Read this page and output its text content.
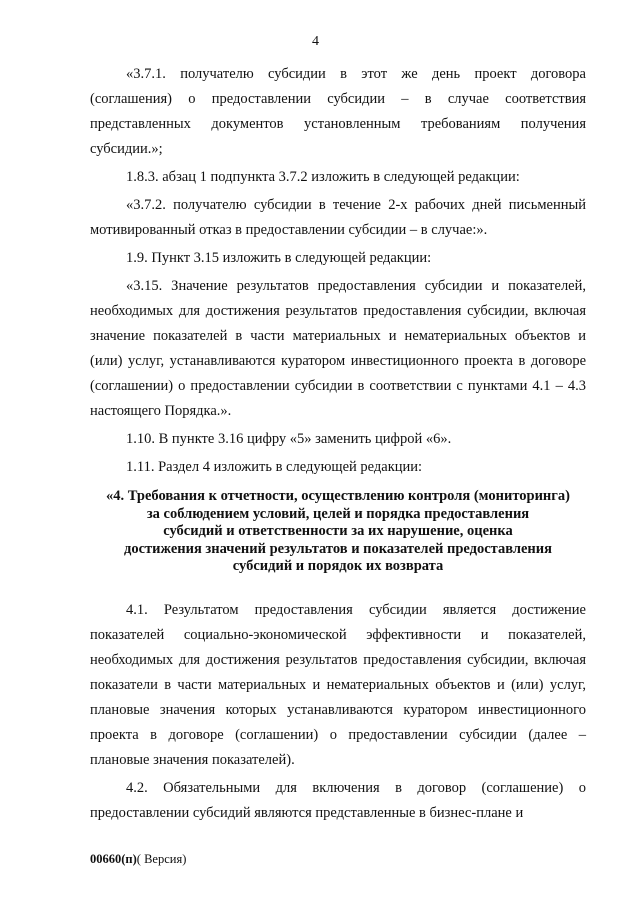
4

«3.7.1. получателю субсидии в этот же день проект договора (соглашения) о предоставлении субсидии – в случае соответствия представленных документов установленным требованиям получения субсидии.»;

1.8.3. абзац 1 подпункта 3.7.2 изложить в следующей редакции:

«3.7.2. получателю субсидии в течение 2-х рабочих дней письменный мотивированный отказ в предоставлении субсидии – в случае:».

1.9. Пункт 3.15 изложить в следующей редакции:

«3.15. Значение результатов предоставления субсидии и показателей, необходимых для достижения результатов предоставления субсидии, включая значение показателей в части материальных и нематериальных объектов и (или) услуг, устанавливаются куратором инвестиционного проекта в договоре (соглашении) о предоставлении субсидии в соответствии с пунктами 4.1 – 4.3 настоящего Порядка.».

1.10. В пункте 3.16 цифру «5» заменить цифрой «6».

1.11. Раздел 4 изложить в следующей редакции:

«4. Требования к отчетности, осуществлению контроля (мониторинга)
за соблюдением условий, целей и порядка предоставления
субсидий и ответственности за их нарушение, оценка
достижения значений результатов и показателей предоставления
субсидий и порядок их возврата

4.1. Результатом предоставления субсидии является достижение показателей социально-экономической эффективности и показателей, необходимых для достижения результатов предоставления субсидии, включая показатели в части материальных и нематериальных объектов и (или) услуг, плановые значения которых устанавливаются куратором инвестиционного проекта в договоре (соглашении) о предоставлении субсидии (далее – плановые значения показателей).

4.2. Обязательными для включения в договор (соглашение) о предоставлении субсидий являются представленные в бизнес-плане и

00660(п)( Версия)
